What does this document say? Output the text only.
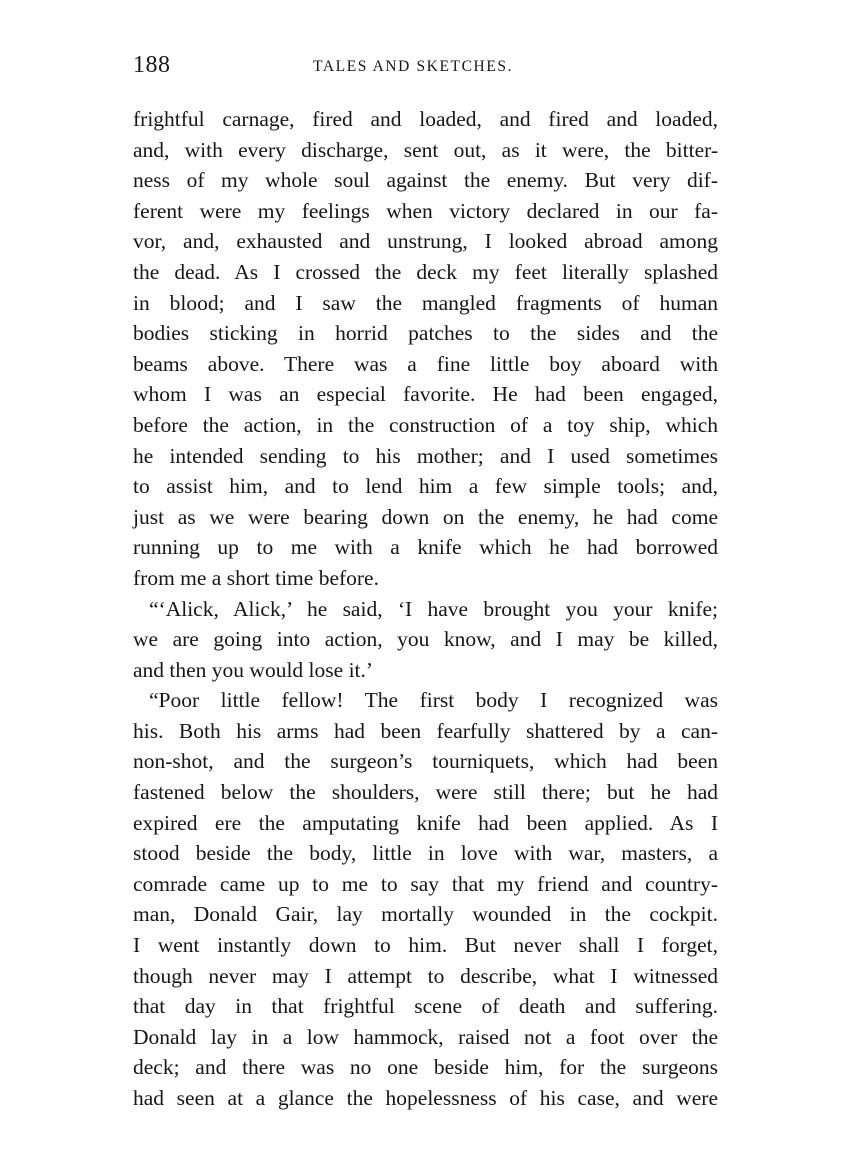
188	TALES AND SKETCHES.
frightful carnage, fired and loaded, and fired and loaded,
and, with every discharge, sent out, as it were, the bitter-
ness of my whole soul against the enemy. But very dif-
ferent were my feelings when victory declared in our fa-
vor, and, exhausted and unstrung, I looked abroad among
the dead. As I crossed the deck my feet literally splashed
in blood; and I saw the mangled fragments of human
bodies sticking in horrid patches to the sides and the
beams above. There was a fine little boy aboard with
whom I was an especial favorite. He had been engaged,
before the action, in the construction of a toy ship, which
he intended sending to his mother; and I used sometimes
to assist him, and to lend him a few simple tools; and,
just as we were bearing down on the enemy, he had come
running up to me with a knife which he had borrowed
from me a short time before.
“‘Alick, Alick,’ he said, ‘I have brought you your knife;
we are going into action, you know, and I may be killed,
and then you would lose it.’
“Poor little fellow! The first body I recognized was
his. Both his arms had been fearfully shattered by a can-
non-shot, and the surgeon’s tourniquets, which had been
fastened below the shoulders, were still there; but he had
expired ere the amputating knife had been applied. As I
stood beside the body, little in love with war, masters, a
comrade came up to me to say that my friend and country-
man, Donald Gair, lay mortally wounded in the cockpit.
I went instantly down to him. But never shall I forget,
though never may I attempt to describe, what I witnessed
that day in that frightful scene of death and suffering.
Donald lay in a low hammock, raised not a foot over the
deck; and there was no one beside him, for the surgeons
had seen at a glance the hopelessness of his case, and were
